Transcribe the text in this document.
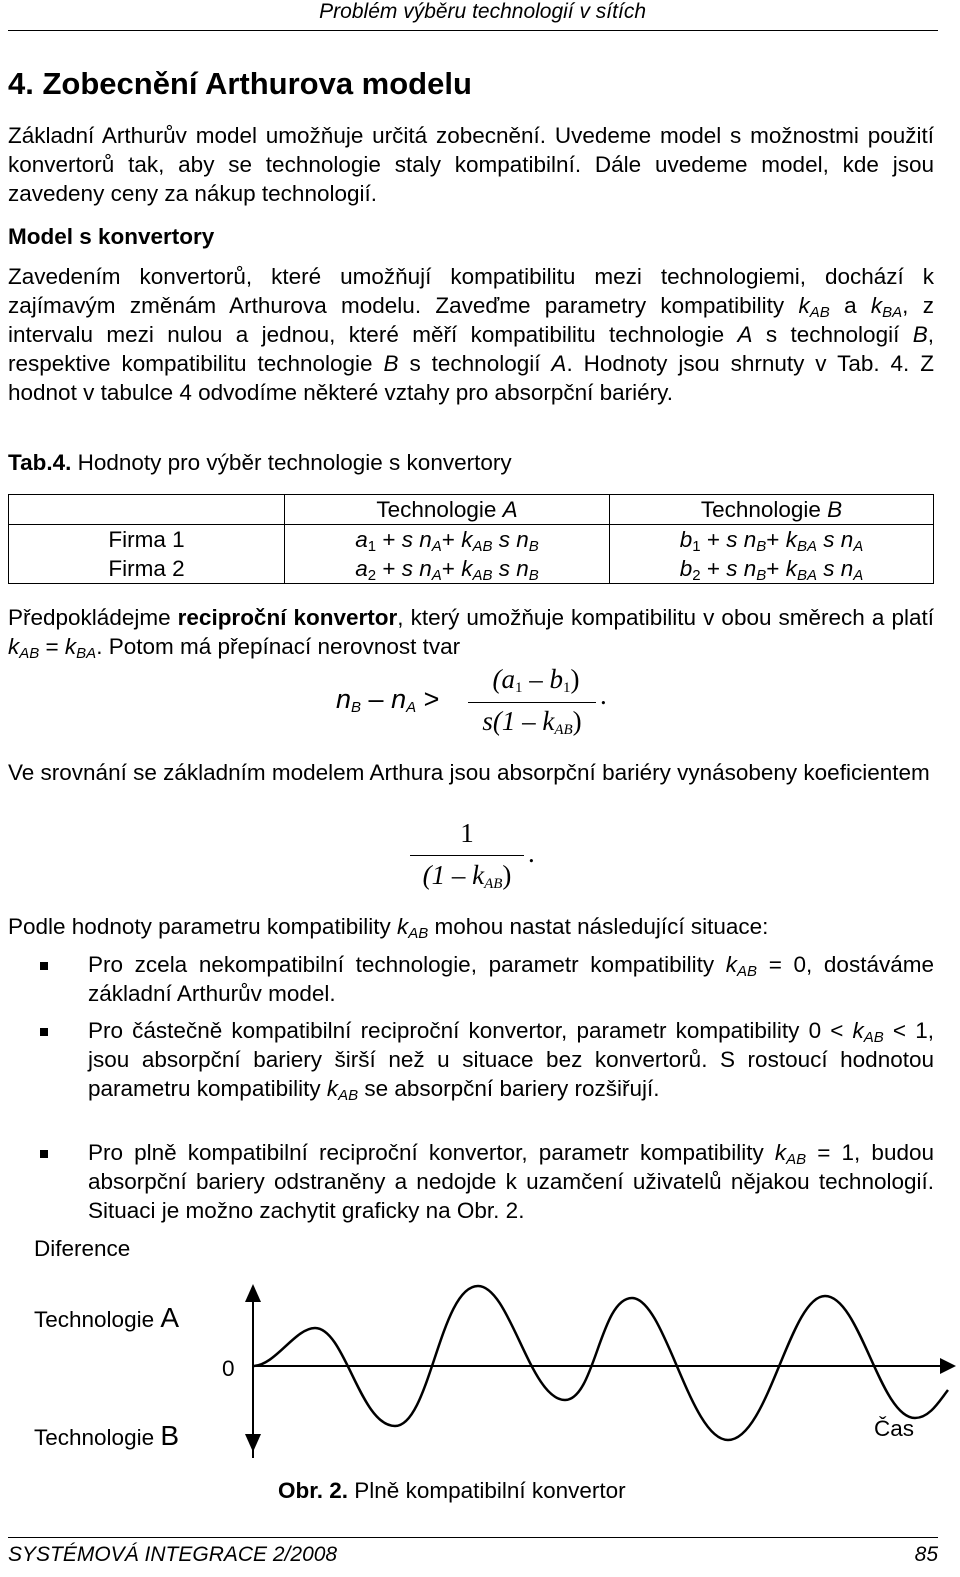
Problém výběru technologií v sítích
4. Zobecnění Arthurova modelu

Základní Arthurův model umožňuje určitá zobecnění. Uvedeme model s možnostmi použití konvertorů tak, aby se technologie staly kompatibilní. Dále uvedeme model, kde jsou zavedeny ceny za nákup technologií.

Model s konvertory

Zavedením konvertorů, které umožňují kompatibilitu mezi technologiemi, dochází k zajímavým změnám Arthurova modelu. Zaveďme parametry kompatibility $k_{AB}$ a $k_{BA}$, z intervalu mezi nulou a jednou, které měří kompatibilitu technologie A s technologií B, respektive kompatibilitu technologie B s technologií A. Hodnoty jsou shrnuty v Tab. 4. Z hodnot v tabulce 4 odvodíme některé vztahy pro absorpční bariéry.

Tab.4. Hodnoty pro výběr technologie s konvertory
	Technologie A	Technologie B
Firma 1	$a_1 + s$ $n_A+ k_{AB}$ s $n_B$	$b_1 + s$ $n_B+ k_{BA}$ s $n_A$
Firma 2	$a_2 + s$ $n_A+ k_{AB}$ s $n_B$	$b_2 + s$ $n_B+ k_{BA}$ s $n_A$

Předpokládejme reciproční konvertor, který umožňuje kompatibilitu v obou směrech a platí $k_{AB} = k_{BA}$. Potom má přepínací nerovnost tvar

$n_B - n_A$ >
$(a_1 - b_1)$
$s(1 - k_{AB})$
.

Ve srovnání se základním modelem Arthura jsou absorpční bariéry vynásobeny koeficientem

1
$(1 - k_{AB})$
.

Podle hodnoty parametru kompatibility $k_{AB}$ mohou nastat následující situace:

Pro zcela nekompatibilní technologie, parametr kompatibility $k_{AB} = 0$, dostáváme základní Arthurův model.

Pro částečně kompatibilní reciproční konvertor, parametr kompatibility $0 < k_{AB} < 1$, jsou absorpční bariery širší než u situace bez konvertorů. S rostoucí hodnotou parametru kompatibility $k_{AB}$ se absorpční bariery rozšiřují.

Pro plně kompatibilní reciproční konvertor, parametr kompatibility $k_{AB} = 1$, budou absorpční bariery odstraněny a nedojde k uzamčení uživatelů nějakou technologií. Situaci je možno zachytit graficky na Obr. 2.

Diference
Technologie A
0
Technologie B	Čas
Obr. 2. Plně kompatibilní konvertor
SYSTÉMOVÁ INTEGRACE 2/2008	85
